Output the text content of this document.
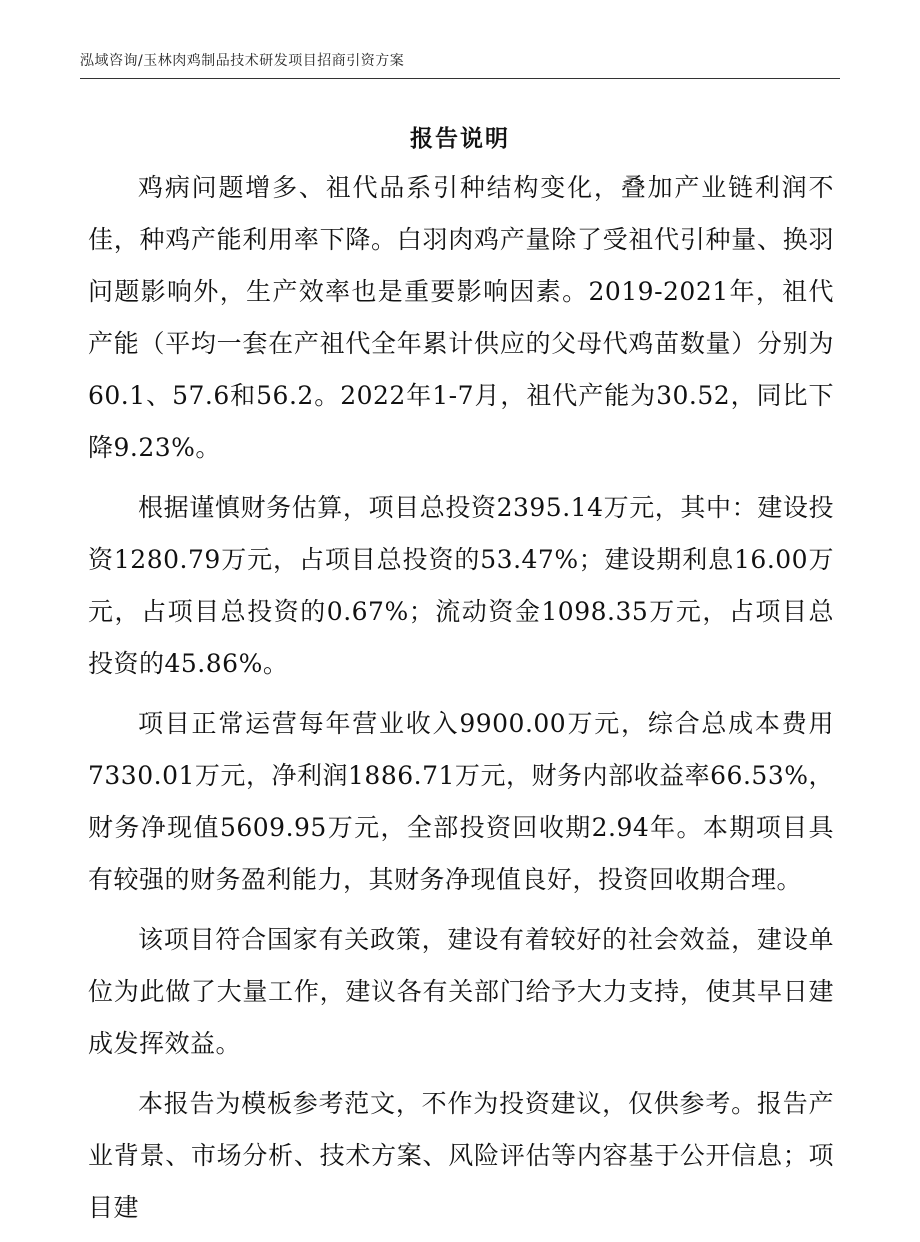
泓域咨询/玉林肉鸡制品技术研发项目招商引资方案
报告说明

鸡病问题增多、祖代品系引种结构变化，叠加产业链利润不佳，种鸡产能利用率下降。白羽肉鸡产量除了受祖代引种量、换羽问题影响外，生产效率也是重要影响因素。2019-2021年，祖代产能（平均一套在产祖代全年累计供应的父母代鸡苗数量）分别为60.1、57.6和56.2。2022年1-7月，祖代产能为30.52，同比下降9.23%。

根据谨慎财务估算，项目总投资2395.14万元，其中：建设投资1280.79万元，占项目总投资的53.47%；建设期利息16.00万元，占项目总投资的0.67%；流动资金1098.35万元，占项目总投资的45.86%。

项目正常运营每年营业收入9900.00万元，综合总成本费用7330.01万元，净利润1886.71万元，财务内部收益率66.53%，财务净现值5609.95万元，全部投资回收期2.94年。本期项目具有较强的财务盈利能力，其财务净现值良好，投资回收期合理。

该项目符合国家有关政策，建设有着较好的社会效益，建设单位为此做了大量工作，建议各有关部门给予大力支持，使其早日建成发挥效益。

本报告为模板参考范文，不作为投资建议，仅供参考。报告产业背景、市场分析、技术方案、风险评估等内容基于公开信息；项目建
